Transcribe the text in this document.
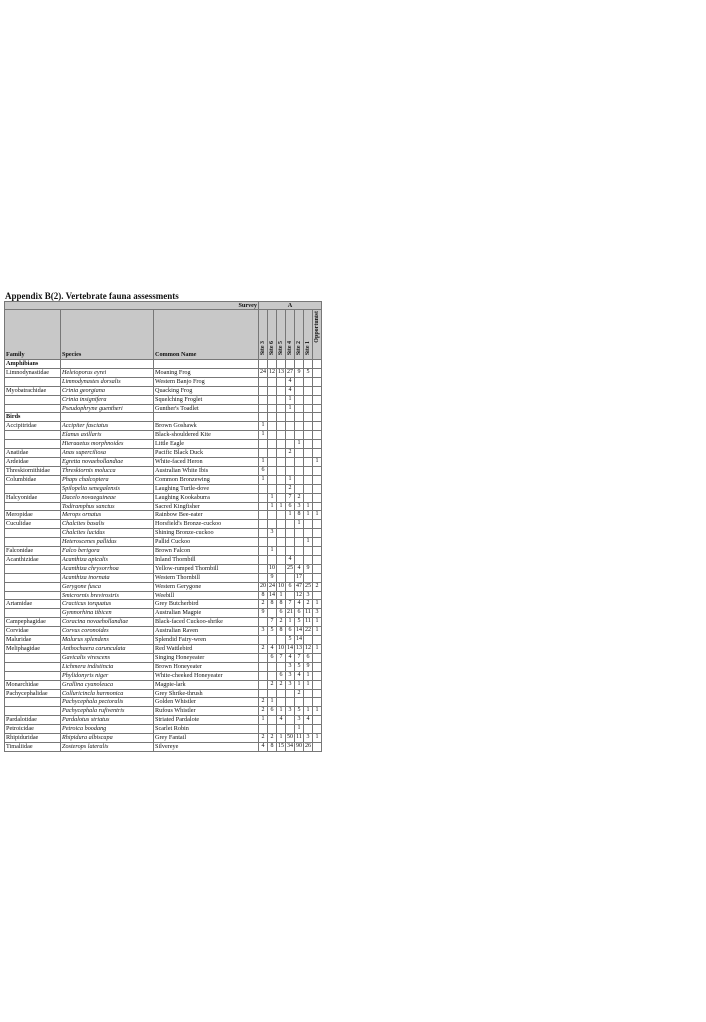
Appendix B(2). Vertebrate fauna assessments
Survey			A						
Family	Species	Common Name	Site 3	Site 6	Site 5	Site 4	Site 2	Site 1	Opportunist
Amphibians									
Limnodynastidae	Heleioporus eyrei	Moaning Frog	24	12	13	27	9	5	
	Limnodynastes dorsalis	Western Banjo Frog				4			
Myobatrachidae	Crinia georgiana	Quacking Frog				4			
	Crinia insignifera	Squelching Froglet				1			
	Pseudophryne guentheri	Gunther's Toadlet				1			
Birds									
Accipitridae	Accipiter fasciatus	Brown Goshawk	1						
	Elanus axillaris	Black-shouldered Kite	1						
	Hieraaetus morphnoides	Little Eagle					1		
Anatidae	Anas superciliosa	Pacific Black Duck				2			
Ardeidae	Egretta novaehollandiae	White-faced Heron	1						1
Threskiornithidae	Threskiornis molucca	Australian White Ibis	6						
Columbidae	Phaps chalcoptera	Common Bronzewing	1			1			
	Spilopelia senegalensis	Laughing Turtle-dove				2			
Halcyonidae	Dacelo novaeguineae	Laughing Kookaburra		1		7	2		
	Todiramphus sanctus	Sacred Kingfisher		1	1	6	3	1	
Meropidae	Merops ornatus	Rainbow Bee-eater				1	8	1	1
Cuculidae	Chalcites basalis	Horsfield's Bronze-cuckoo					1		
	Chalcites lucidus	Shining Bronze-cuckoo		3					
	Heteroscenes pallidus	Pallid Cuckoo						1	
Falconidae	Falco berigora	Brown Falcon		1					
Acanthizidae	Acanthiza apicalis	Inland Thornbill				4			
	Acanthiza chrysorrhoa	Yellow-rumped Thornbill		10		25	4	9	
	Acanthiza inornata	Western Thornbill		9			17		
	Gerygone fusca	Western Gerygone	20	24	10	6	47	25	2
	Smicrornis brevirostris	Weebill	8	14	1		12	3	
Artamidae	Cracticus torquatus	Grey Butcherbird	2	8	8	7	4	2	1
	Gymnorhina tibicen	Australian Magpie	9		6	21	6	11	3
Campephagidae	Coracina novaehollandiae	Black-faced Cuckoo-shrike		7	2	1	5	11	1
Corvidae	Corvus coronoides	Australian Raven	3	5	8	6	14	22	1
Maluridae	Malurus splendens	Splendid Fairy-wren				5	14		
Meliphagidae	Anthochaera carunculata	Red Wattlebird	2	4	10	14	13	12	1
	Gavicalis virescens	Singing Honeyeater		6	7	4	7	6	
	Lichmera indistincta	Brown Honeyeater				3	5	9	
	Phylidonyris niger	White-cheeked Honeyeater			6	3	4	1	
Monarchidae	Grallina cyanoleuca	Magpie-lark		2	2	3	1	1	
Pachycephalidae	Colluricincla harmonica	Grey Shrike-thrush					2		
	Pachycephala pectoralis	Golden Whistler	2	1					
	Pachycephala rufiventris	Rufous Whistler	2	6	1	3	5	1	1
Pardalotidae	Pardalotus striatus	Striated Pardalote	1		4		3	4	
Petroicidae	Petroica boodang	Scarlet Robin					1		
Rhipiduridae	Rhipidura albiscapa	Grey Fantail	2	2	1	50	11	3	1
Timaliidae	Zosterops lateralis	Silvereye	4	8	15	34	90	26	
